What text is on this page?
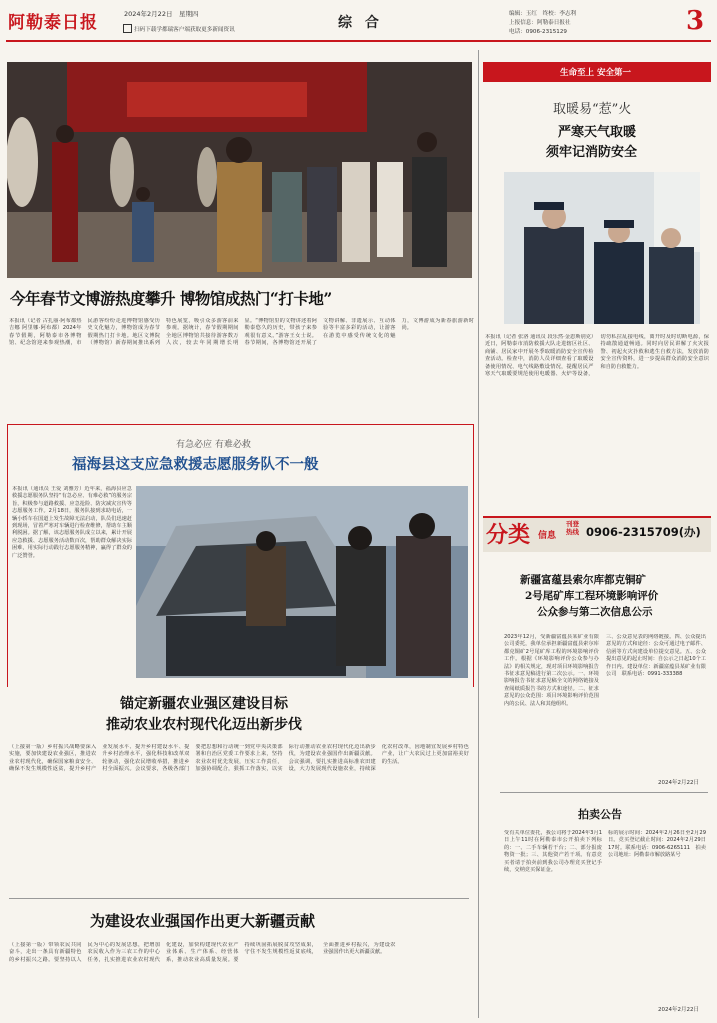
阿勒泰日报	2024年2月22日　星期四
扫码下载学都瑞客户端获取更多新闻资讯	综 合
编辑：玉红　终校：李志利
上报信息：阿勒泰日报社
电话：0906-2315129	3
今年春节文博游热度攀升 博物馆成热门“打卡地”
本报讯（记者 古扎丽·阿布都热吉娜 阿里娜·阿布都）2024年春节假期，阿勒泰市各博物馆、纪念馆迎来参观热潮，市民游客纷纷走进博物馆感受历史文化魅力，博物馆成为春节假期热门打卡地。地区文博院（博物馆）新春期间推出系列特色展览，吸引众多游客前来参观。据统计，春节假期期间全地区博物馆共接待游客数万人次，较去年同期增长明显。“博物馆里的文物讲述着阿勒泰悠久的历史，带孩子来参观很有意义。”游客王女士说。春节期间，各博物馆还开展了文物讲解、非遗展示、互动体验等丰富多彩的活动，让游客在游览中感受传统文化的魅力，文博游成为新春旅游新时尚。
有急必应 有难必救
福海县这支应急救援志愿服务队不一般
本报讯（通讯员 王爱 刘雅芳）近年来，福海县应急救援志愿服务队坚持“有急必应、有难必救”的服务宗旨，积极参与道路救援、应急抢险、防灾减灾宣传等志愿服务工作。2月18日，服务队接到求助电话，一辆小轿车在国道上发生故障无法启动，队员们迅速赶到现场，冒着严寒对车辆进行检查维修，帮助车主顺利脱困。据了解，该志愿服务队成立以来，累计开展应急救援、志愿服务活动数百次，帮助群众解决实际困难，用实际行动践行志愿服务精神，赢得了群众的广泛赞誉。
锚定新疆农业强区建设目标
推动农业农村现代化迈出新步伐
（上接第一版）乡村振兴战略要深入实施，要加快建设农业强区，推进农业农村现代化，确保国家粮食安全、确保不发生规模性返贫，提升乡村产业发展水平、提升乡村建设水平、提升乡村治理水平，强化科技和改革双轮驱动，强化农民增收举措，推进乡村全面振兴。会议要求，各级各部门要把思想和行动统一到党中央决策部署和自治区党委工作要求上来，坚持农业农村优先发展，压实工作责任，加强协调配合，狠抓工作落实，以实际行动推动农业农村现代化迈出新步伐，为建设农业强国作出新疆贡献。会议强调，要扎实推进高标准农田建设，大力发展现代设施农业，持续深化农村改革，因地制宜发展乡村特色产业，让广大农民过上更加富裕美好的生活。
为建设农业强国作出更大新疆贡献
（上接第一版）带领农民共同奋斗，走出一条具有新疆特色的乡村振兴之路。要坚持以人民为中心的发展思想，把增加农民收入作为三农工作的中心任务，扎实推进农业农村现代化建设，加快构建现代农业产业体系、生产体系、经营体系，推动农业高质量发展。要持续巩固拓展脱贫攻坚成果，守住不发生规模性返贫底线，全面推进乡村振兴，为建设农业强国作出更大新疆贡献。
生命至上 安全第一
取暖易“惹”火
严寒天气取暖
须牢记消防安全
本报讯（记者 张洛 通讯员 段乐然·金恩斯别克）近日，阿勒泰市消防救援大队走进辖区社区、商铺、居民家中开展冬季取暖消防安全宣传检查活动。检查中，消防人员详细查看了取暖设备使用情况、电气线路敷设情况，提醒居民严寒天气取暖要规范使用电暖器、火炉等设备，切勿私拉乱接电线，离开时及时切断电源，保持疏散通道畅通。同时向居民讲解了火灾报警、初起火灾扑救和逃生自救方法，发放消防安全宣传资料，进一步提高群众消防安全意识和自防自救能力。
分类 信息
刊登热线 0906-2315709(办)
新疆富蕴县索尔库都克铜矿
2号尾矿库工程环境影响评价
公众参与第二次信息公示
2023年12月，受新疆富蕴县某矿业有限公司委托，我单位承担新疆富蕴县索尔库都克铜矿2号尾矿库工程的环境影响评价工作。根据《环境影响评价公众参与办法》的相关规定，现对项目环境影响报告书征求意见稿进行第二次公示。一、环境影响报告书征求意见稿全文的网络链接及查阅纸质报告书的方式和途径。二、征求意见的公众范围：项目环境影响评价范围内的公民、法人和其他组织。
三、公众意见表的网络链接。四、公众提出意见的方式和途径：公众可通过电子邮件、信函等方式向建设单位提交意见。五、公众提出意见的起止时间：自公示之日起10个工作日内。建设单位：新疆富蕴县某矿业有限公司　联系电话：0991-333388
2024年2月22日
拍卖公告
受有关单位委托，我公司将于2024年3月1日上午11时在阿勒泰市公开拍卖下列标的：一、二手车辆若干台；二、部分报废物资一批；三、其他资产若干项。有意竞买者请于拍卖前到我公司办理竞买登记手续，交纳竞买保证金。
标的展示时间：2024年2月26日至2月29日。竞买登记截止时间：2024年2月29日17时。联系电话：0906-6265111　拍卖公司地址：阿勒泰市解放路某号
2024年2月22日
